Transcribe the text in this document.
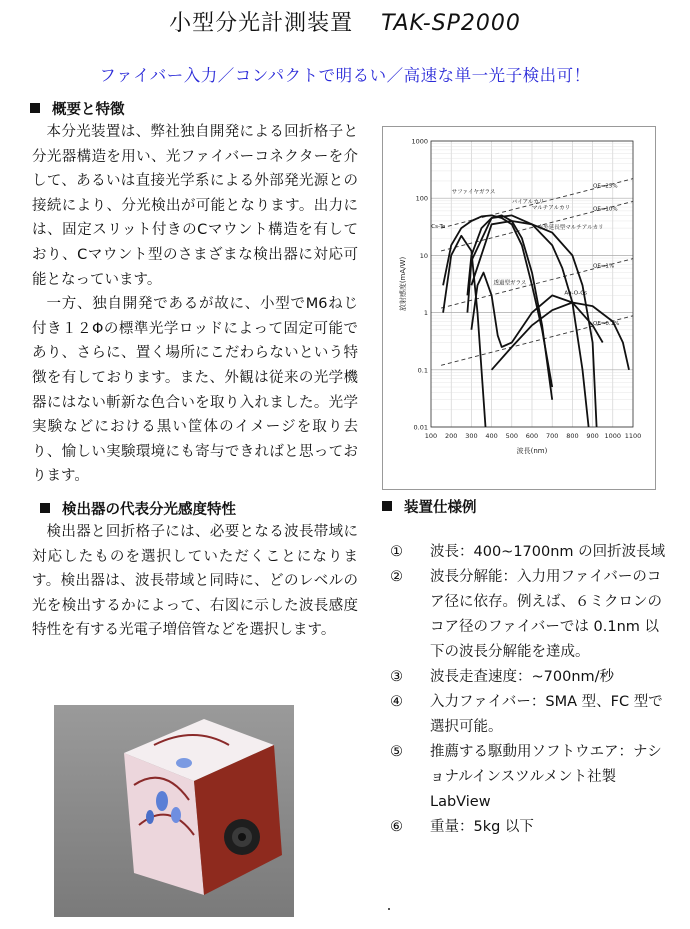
小型分光計測装置 TAK-SP2000
ファイバー入力／コンパクトで明るい／高速な単一光子検出可！
概要と特徴

本分光装置は、弊社独自開発による回折格子と分光器構造を用い、光ファイバーコネクターを介して、あるいは直接光学系による外部発光源との接続により、分光検出が可能となります。出力には、固定スリット付きのCマウント構造を有しており、Cマウント型のさまざまな検出器に対応可能となっています。

一方、独自開発であるが故に、小型でM6ねじ付き１２Φの標準光学ロッドによって固定可能であり、さらに、置く場所にこだわらないという特徴を有しております。また、外観は従来の光学機器にはない斬新な色合いを取り入れました。光学実験などにおける黒い筐体のイメージを取り去り、愉しい実験環境にも寄与できればと思っております。

検出器の代表分光感度特性

検出器と回折格子には、必要となる波長帯域に対応したものを選択していただくことになります。検出器は、波長帯域と同時に、どのレベルの光を検出するかによって、右図に示した波長感度特性を有する光電子増倍管などを選択します。

100 200 300 400 500 600 700 800 900 1000 1100
1000
100
10
1
0.1
0.01
波長(nm)
放射感度(mA/W)
QE=25%
QE=10%
QE=1%
QE=0.1%
サファイヤガラス
バイアルカリ
マルチアルカリ
赤外延長型マルチアルカリ
Cs-Te
透過型ガラス
Ag-O-Cs
装置仕様例
① 波長：400~1700nm の回折波長域
② 波長分解能：入力用ファイバーのコア径に依存。例えば、６ミクロンのコア径のファイバーでは 0.1nm 以下の波長分解能を達成。
③ 波長走査速度：~700nm/秒
④ 入力ファイバー：SMA 型、FC 型で選択可能。
⑤ 推薦する駆動用ソフトウエア：ナショナルインスツルメント社製 LabView
⑥ 重量：5kg 以下
